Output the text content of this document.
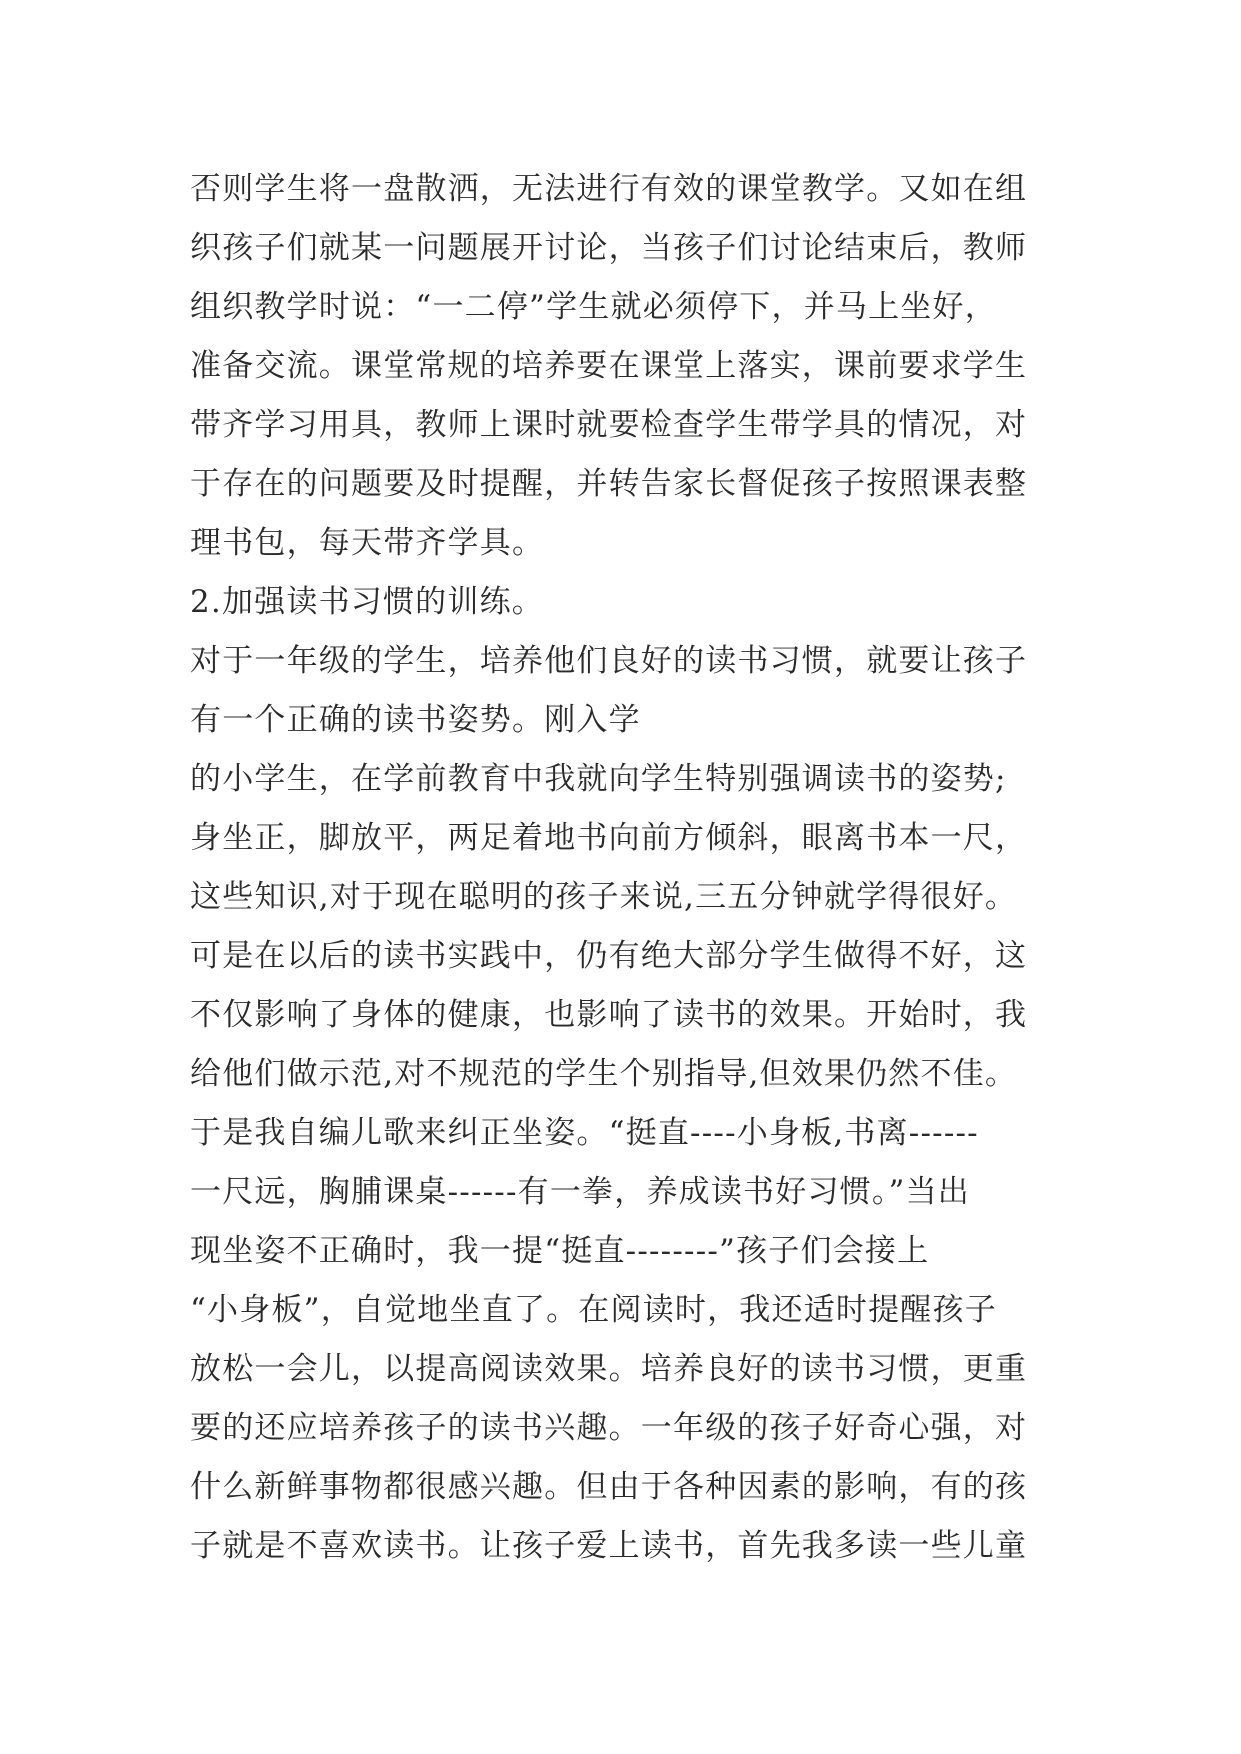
否则学生将一盘散洒，无法进行有效的课堂教学。又如在组
织孩子们就某一问题展开讨论，当孩子们讨论结束后，教师
组织教学时说：“一二停”学生就必须停下，并马上坐好，
准备交流。课堂常规的培养要在课堂上落实，课前要求学生
带齐学习用具，教师上课时就要检查学生带学具的情况，对
于存在的问题要及时提醒，并转告家长督促孩子按照课表整
理书包，每天带齐学具。
2.加强读书习惯的训练。
对于一年级的学生，培养他们良好的读书习惯，就要让孩子
有一个正确的读书姿势。刚入学
的小学生，在学前教育中我就向学生特别强调读书的姿势;
身坐正，脚放平，两足着地书向前方倾斜，眼离书本一尺，
这些知识,对于现在聪明的孩子来说,三五分钟就学得很好。
可是在以后的读书实践中，仍有绝大部分学生做得不好，这
不仅影响了身体的健康，也影响了读书的效果。开始时，我
给他们做示范,对不规范的学生个别指导,但效果仍然不佳。
于是我自编儿歌来纠正坐姿。“挺直----小身板,书离------
一尺远，胸脯课桌------有一拳，养成读书好习惯。”当出
现坐姿不正确时，我一提“挺直--------”孩子们会接上
“小身板”，自觉地坐直了。在阅读时，我还适时提醒孩子
放松一会儿，以提高阅读效果。培养良好的读书习惯，更重
要的还应培养孩子的读书兴趣。一年级的孩子好奇心强，对
什么新鲜事物都很感兴趣。但由于各种因素的影响，有的孩
子就是不喜欢读书。让孩子爱上读书，首先我多读一些儿童
